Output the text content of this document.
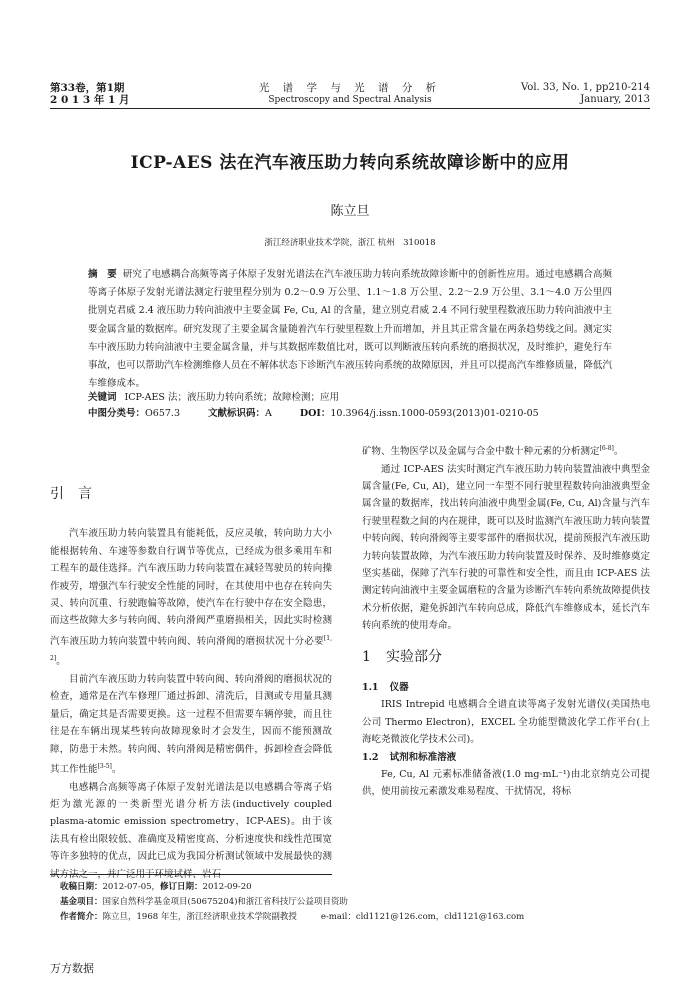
第33卷，第1期
2 0 1 3 年 1 月
光 谱 学 与 光 谱 分 析
Spectroscopy and Spectral Analysis
Vol. 33, No. 1, pp210-214
January, 2013
ICP-AES 法在汽车液压助力转向系统故障诊断中的应用
陈立旦
浙江经济职业技术学院，浙江 杭州　310018
摘　要 研究了电感耦合高频等离子体原子发射光谱法在汽车液压助力转向系统故障诊断中的创新性应用。通过电感耦合高频等离子体原子发射光谱法测定行驶里程分别为 0.2～0.9 万公里、1.1～1.8 万公里、2.2～2.9 万公里、3.1～4.0 万公里四批别克君威 2.4 液压助力转向油液中主要金属 Fe, Cu, Al 的含量，建立别克君威 2.4 不同行驶里程数液压助力转向油液中主要金属含量的数据库。研究发现了主要金属含量随着汽车行驶里程数上升而增加，并且其正常含量在两条趋势线之间。测定实车中液压助力转向油液中主要金属含量，并与其数据库数值比对，既可以判断液压转向系统的磨损状况，及时维护，避免行车事故，也可以帮助汽车检测维修人员在不解体状态下诊断汽车液压转向系统的故障原因，并且可以提高汽车维修质量，降低汽车维修成本。
关键词 ICP-AES 法；液压助力转向系统；故障检测；应用
中图分类号：O657.3	文献标识码：A	DOI：10.3964/j.issn.1000-0593(2013)01-0210-05
引　言

汽车液压助力转向装置具有能耗低，反应灵敏，转向助力大小能根据转角、车速等参数自行调节等优点，已经成为很多乘用车和工程车的最佳选择。汽车液压助力转向装置在减轻驾驶员的转向操作疲劳，增强汽车行驶安全性能的同时，在其使用中也存在转向失灵、转向沉重、行驶跑偏等故障，使汽车在行驶中存在安全隐患，而这些故障大多与转向阀、转向滑阀严重磨损相关，因此实时检测汽车液压助力转向装置中转向阀、转向滑阀的磨损状况十分必要[1, 2]。

目前汽车液压助力转向装置中转向阀、转向滑阀的磨损状况的检查，通常是在汽车修理厂通过拆卸、清洗后，目测或专用量具测量后，确定其是否需要更换。这一过程不但需要车辆停驶，而且往往是在车辆出现某些转向故障现象时才会发生，因而不能预测故障，防患于未然。转向阀、转向滑阀是精密偶件，拆卸检查会降低其工作性能[3-5]。

电感耦合高频等离子体原子发射光谱法是以电感耦合等离子焰炬为激光源的一类新型光谱分析方法(inductively coupled plasma-atomic emission spectrometry，ICP-AES)。由于该法具有检出限较低、准确度及精密度高、分析速度快和线性范围宽等许多独特的优点，因此已成为我国分析测试领域中发展最快的测试方法之一，并广泛用于环境试样、岩石

矿物、生物医学以及金属与合金中数十种元素的分析测定[6-8]。

通过 ICP-AES 法实时测定汽车液压助力转向装置油液中典型金属含量(Fe, Cu, Al)，建立同一车型不同行驶里程数转向油液典型金属含量的数据库，找出转向油液中典型金属(Fe, Cu, Al)含量与汽车行驶里程数之间的内在规律，既可以及时监测汽车液压助力转向装置中转向阀、转向滑阀等主要零部件的磨损状况，提前预报汽车液压助力转向装置故障，为汽车液压助力转向装置及时保养、及时维修奠定坚实基础，保障了汽车行驶的可靠性和安全性，而且由 ICP-AES 法测定转向油液中主要金属磨粒的含量为诊断汽车转向系统故障提供技术分析依据，避免拆卸汽车转向总成，降低汽车维修成本，延长汽车转向系统的使用寿命。

1 实验部分
1.1 仪器

IRIS Intrepid 电感耦合全谱直读等离子发射光谱仪(美国热电公司 Thermo Electron)，EXCEL 全功能型微波化学工作平台(上海屹尧微波化学技术公司)。

1.2 试剂和标准溶液

Fe, Cu, Al 元素标准储备液(1.0 mg·mL⁻¹)由北京纳克公司提供，使用前按元素激发难易程度、干扰情况，将标

收稿日期：2012-07-05，修订日期：2012-09-20
基金项目：国家自然科学基金项目(50675204)和浙江省科技厅公益项目资助
作者简介：陈立旦，1968 年生，浙江经济职业技术学院副教授	e-mail：cld1121@126.com，cld1121@163.com
万方数据
